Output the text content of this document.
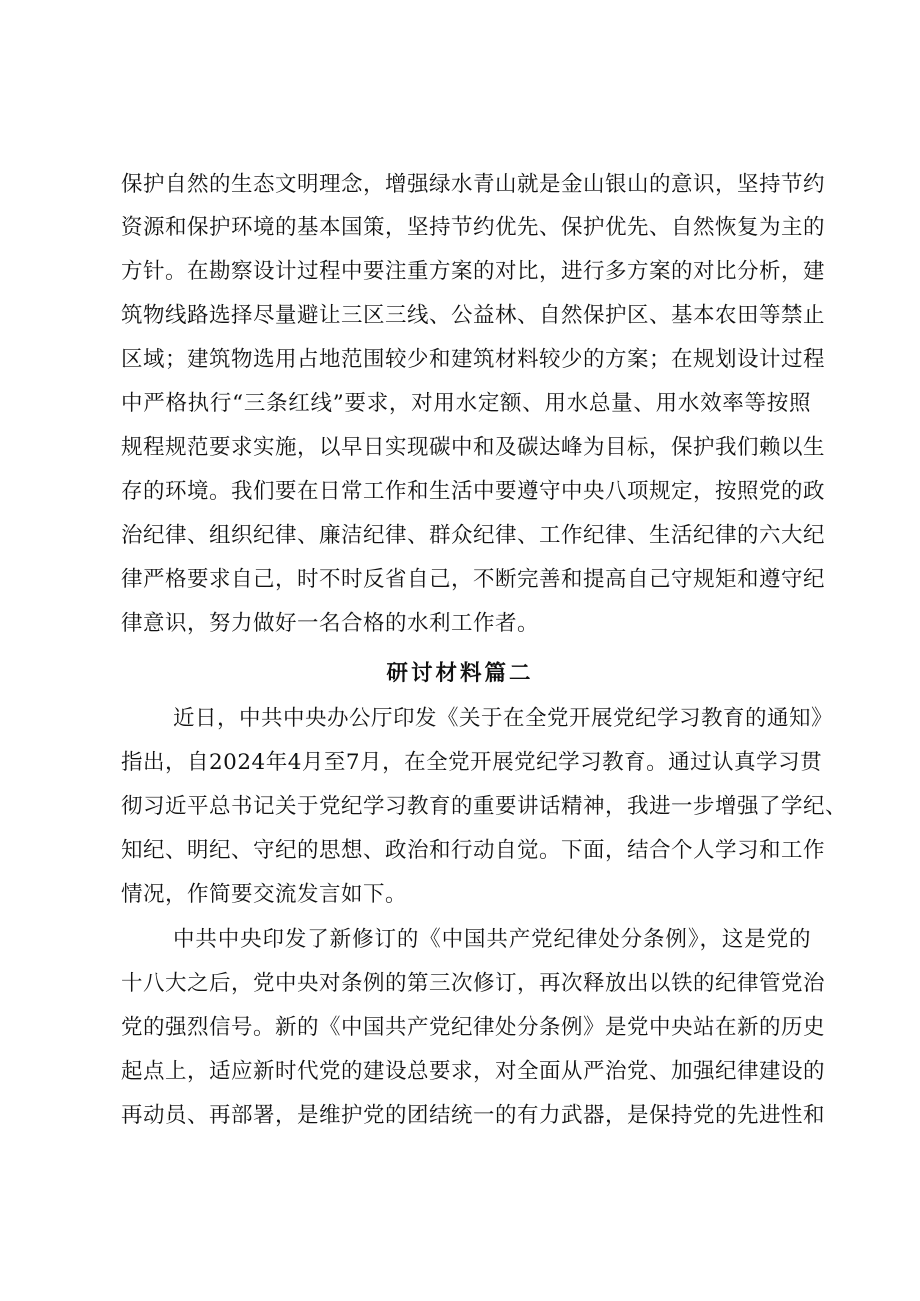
保护自然的生态文明理念，增强绿水青山就是金山银山的意识，坚持节约
资源和保护环境的基本国策，坚持节约优先、保护优先、自然恢复为主的
方针。在勘察设计过程中要注重方案的对比，进行多方案的对比分析，建
筑物线路选择尽量避让三区三线、公益林、自然保护区、基本农田等禁止
区域；建筑物选用占地范围较少和建筑材料较少的方案；在规划设计过程
中严格执行“三条红线”要求，对用水定额、用水总量、用水效率等按照
规程规范要求实施，以早日实现碳中和及碳达峰为目标，保护我们赖以生
存的环境。我们要在日常工作和生活中要遵守中央八项规定，按照党的政
治纪律、组织纪律、廉洁纪律、群众纪律、工作纪律、生活纪律的六大纪
律严格要求自己，时不时反省自己，不断完善和提高自己守规矩和遵守纪
律意识，努力做好一名合格的水利工作者。
研讨材料篇二
近日，中共中央办公厅印发《关于在全党开展党纪学习教育的通知》
指出，自2024年4月至7月，在全党开展党纪学习教育。通过认真学习贯
彻习近平总书记关于党纪学习教育的重要讲话精神，我进一步增强了学纪、
知纪、明纪、守纪的思想、政治和行动自觉。下面，结合个人学习和工作
情况，作简要交流发言如下。
中共中央印发了新修订的《中国共产党纪律处分条例》，这是党的
十八大之后，党中央对条例的第三次修订，再次释放出以铁的纪律管党治
党的强烈信号。新的《中国共产党纪律处分条例》是党中央站在新的历史
起点上，适应新时代党的建设总要求，对全面从严治党、加强纪律建设的
再动员、再部署，是维护党的团结统一的有力武器，是保持党的先进性和
